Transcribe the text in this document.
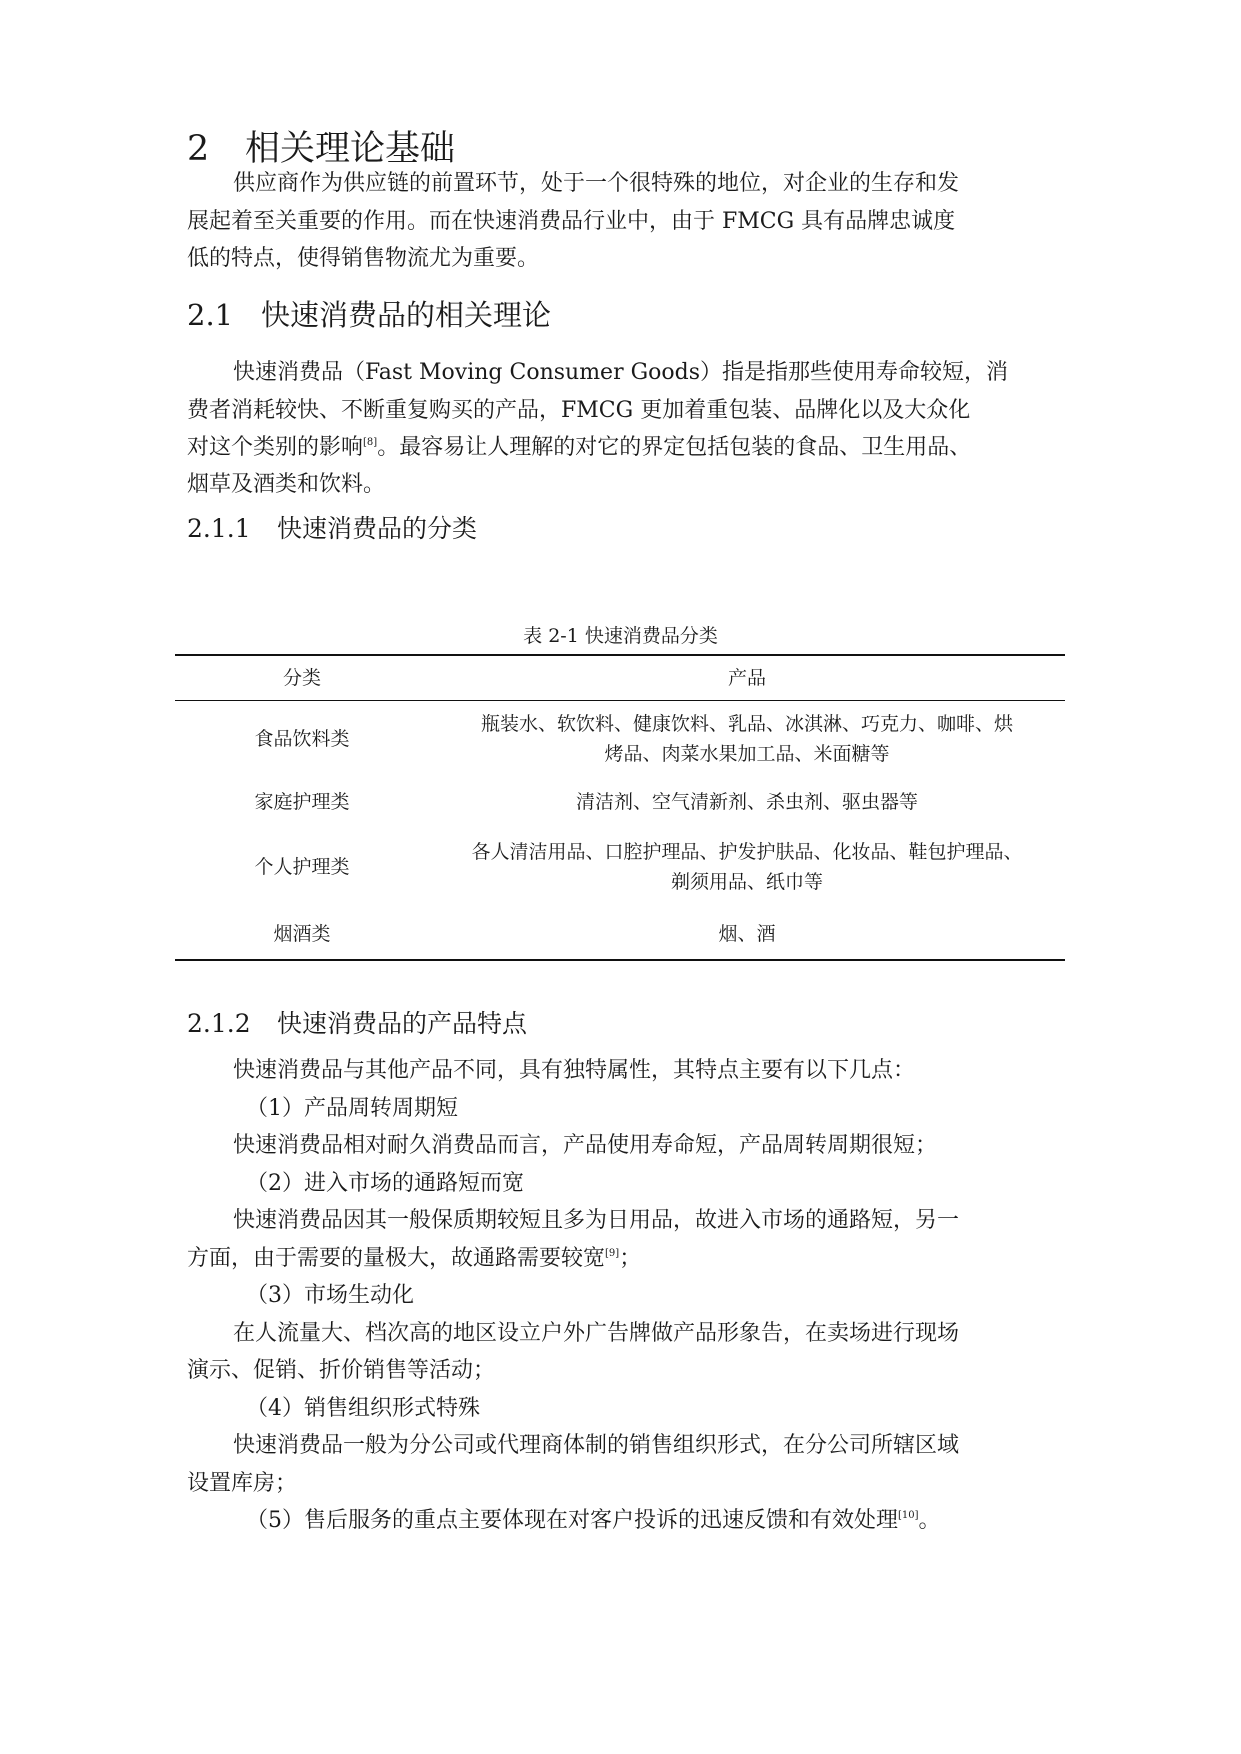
2 相关理论基础
供应商作为供应链的前置环节，处于一个很特殊的地位，对企业的生存和发
展起着至关重要的作用。而在快速消费品行业中，由于 FMCG 具有品牌忠诚度
低的特点，使得销售物流尤为重要。
2.1 快速消费品的相关理论
快速消费品（Fast Moving Consumer Goods）指是指那些使用寿命较短，消
费者消耗较快、不断重复购买的产品，FMCG 更加着重包装、品牌化以及大众化
对这个类别的影响[8]。最容易让人理解的对它的界定包括包装的食品、卫生用品、
烟草及酒类和饮料。
2.1.1 快速消费品的分类
表 2-1 快速消费品分类
分类	产品
食品饮料类	瓶装水、软饮料、健康饮料、乳品、冰淇淋、巧克力、咖啡、烘
烤品、肉菜水果加工品、米面糖等

家庭护理类	清洁剂、空气清新剂、杀虫剂、驱虫器等

个人护理类	各人清洁用品、口腔护理品、护发护肤品、化妆品、鞋包护理品、
剃须用品、纸巾等

烟酒类	烟、酒
2.1.2 快速消费品的产品特点
快速消费品与其他产品不同，具有独特属性，其特点主要有以下几点：
（1）产品周转周期短
快速消费品相对耐久消费品而言，产品使用寿命短，产品周转周期很短；
（2）进入市场的通路短而宽
快速消费品因其一般保质期较短且多为日用品，故进入市场的通路短，另一
方面，由于需要的量极大，故通路需要较宽[9]；
（3）市场生动化
在人流量大、档次高的地区设立户外广告牌做产品形象告，在卖场进行现场
演示、促销、折价销售等活动；
（4）销售组织形式特殊
快速消费品一般为分公司或代理商体制的销售组织形式，在分公司所辖区域
设置库房；
（5）售后服务的重点主要体现在对客户投诉的迅速反馈和有效处理[10]。
